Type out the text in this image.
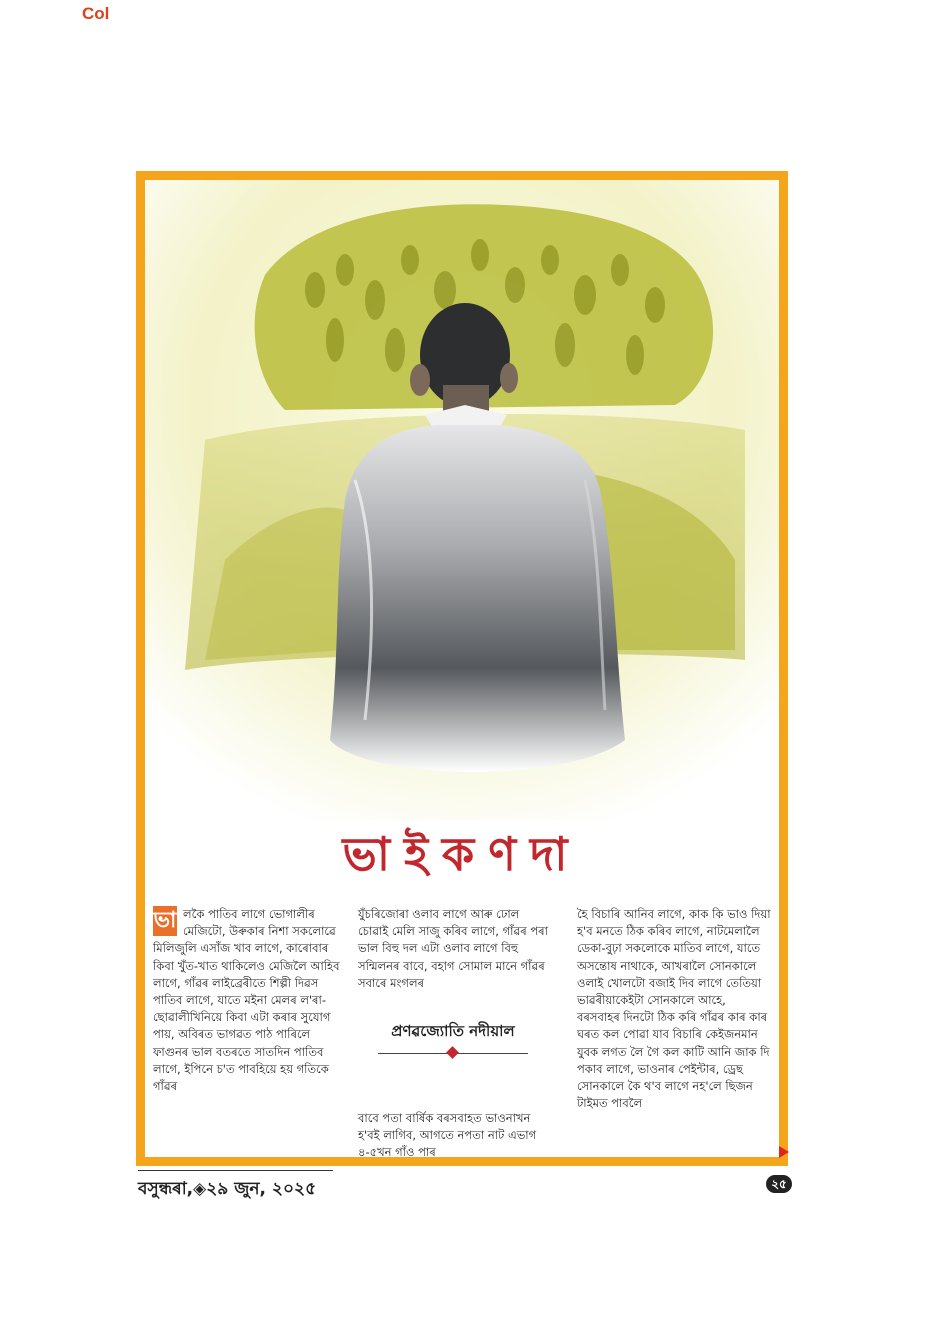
Col
ভাইকণদা
ভা লকৈ পাতিব লাগে ভোগালীৰ মেজিটো, উৰুকাৰ নিশা সকলোৱে মিলিজুলি এসাঁজ খাব লাগে, কাৰোবাৰ কিবা খুঁত-খাত থাকিলেও মেজিলৈ আহিব লাগে, গাঁৱৰ লাইব্ৰেৰীতে শিল্পী দিৱস পাতিব লাগে, যাতে মইনা মেলৰ ল'ৰা-ছোৱালীখিনিয়ে কিবা এটা কৰাৰ সুযোগ পায়, অবিৰত ভাগৱত পাঠ পাৰিলে ফাগুনৰ ভাল বতৰতে সাতদিন পাতিব লাগে, ইপিনে চ'ত পাবহিয়ে হয় গতিকে গাঁৱৰ

যুঁচৰিজোৰা ওলাব লাগে আৰু ঢোল চোৱাই মেলি সাজু কৰিব লাগে, গাঁৱৰ পৰা ভাল বিহু দল এটা ওলাব লাগে বিহু সন্মিলনৰ বাবে, বহাগ সোমাল মানে গাঁৱৰ সবাৰে মংগলৰ

প্ৰণৱজ্যোতি নদীয়াল

বাবে পতা বাৰ্ষিক বৰসবাহত ভাওনাখন হ'বই লাগিব, আগতে নপতা নাট এভাগ ৪-৫খন গাঁও পাৰ

হৈ বিচাৰি আনিব লাগে, কাক কি ভাও দিয়া হ'ব মনতে ঠিক কৰিব লাগে, নাটমেলালৈ ডেকা-বুঢ়া সকলোকে মাতিব লাগে, যাতে অসন্তোষ নাথাকে, আখৰালৈ সোনকালে ওলাই খোলটো বজাই দিব লাগে তেতিয়া ভাৱৰীয়াকেইটা সোনকালে আহে, বৰসবাহৰ দিনটো ঠিক কৰি গাঁৱৰ কাৰ কাৰ ঘৰত কল পোৱা যাব বিচাৰি কেইজনমান যুবক লগত লৈ গৈ কল কাটি আনি জাক দি পকাব লাগে, ভাওনাৰ পেইন্টাৰ, ড্ৰেছ সোনকালে কৈ থ'ব লাগে নহ'লে ছিজন টাইমত পাবলৈ

বসুন্ধৰা,◈২৯ জুন, ২০২৫	২৫
